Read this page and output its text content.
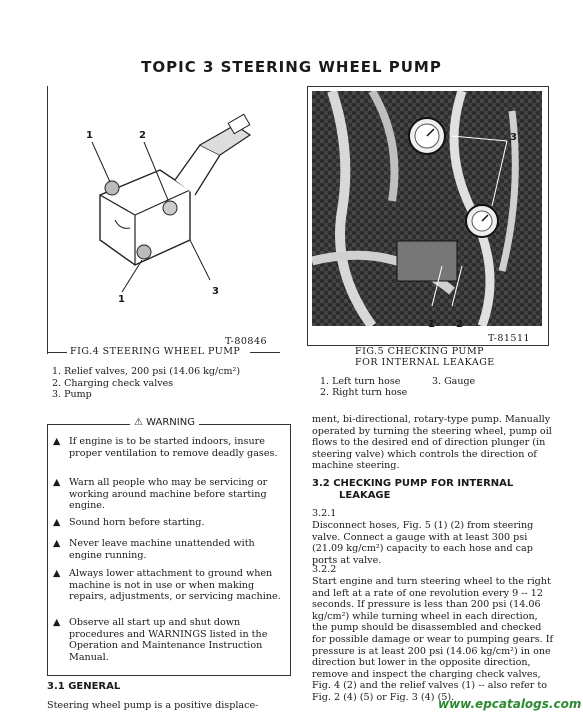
TOPIC 3 STEERING WHEEL PUMP
1	2
1
3
T-80846
FIG.4 STEERING WHEEL PUMP
1. Relief valves, 200 psi (14.06 kg/cm²)
2. Charging check valves
3. Pump
3
1 2
T-81511
FIG.5 CHECKING PUMP
FOR INTERNAL LEAKAGE
1. Left turn hose	3. Gauge
2. Right turn hose
⚠ WARNING
▲ If engine is to be started indoors, insure proper ventilation to remove deadly gases.
▲ Warn all people who may be servicing or working around machine before starting engine.
▲ Sound horn before starting.
▲ Never leave machine unattended with engine running.
▲ Always lower attachment to ground when machine is not in use or when making repairs, adjustments, or servicing machine.
▲ Observe all start up and shut down procedures and WARNINGS listed in the Operation and Maintenance Instruction Manual.
3.1 GENERAL
Steering wheel pump is a positive displace-
ment, bi-directional, rotary-type pump. Manually operated by turning the steering wheel, pump oil flows to the desired end of direction plunger (in steering valve) which controls the direction of machine steering.
3.2 CHECKING PUMP FOR INTERNAL
LEAKAGE
3.2.1
Disconnect hoses, Fig. 5 (1) (2) from steering valve. Connect a gauge with at least 300 psi (21.09 kg/cm²) capacity to each hose and cap ports at valve.
3.2.2
Start engine and turn steering wheel to the right and left at a rate of one revolution every 9 -- 12 seconds. If pressure is less than 200 psi (14.06 kg/cm²) while turning wheel in each direction, the pump should be disassembled and checked for possible damage or wear to pumping gears. If pressure is at least 200 psi (14.06 kg/cm²) in one direction but lower in the opposite direction, remove and inspect the charging check valves, Fig. 4 (2) and the relief valves (1) -- also refer to Fig. 2 (4) (5) or Fig. 3 (4) (5).
www.epcatalogs.com
